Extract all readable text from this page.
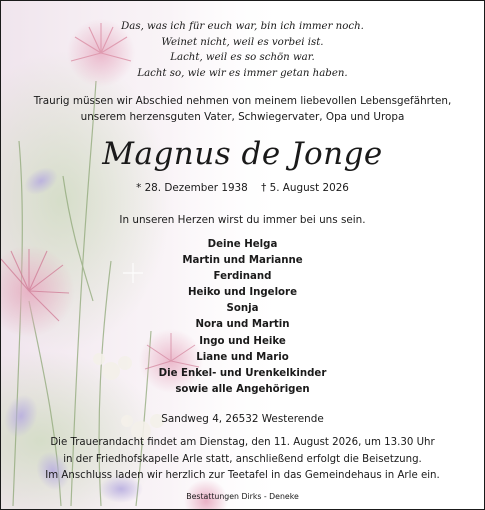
Das, was ich für euch war, bin ich immer noch.
Weinet nicht, weil es vorbei ist.
Lacht, weil es so schön war.
Lacht so, wie wir es immer getan haben.
Traurig müssen wir Abschied nehmen von meinem liebevollen Lebensgefährten,
unserem herzensguten Vater, Schwiegervater, Opa und Uropa
Magnus de Jonge
* 28. Dezember 1938 † 5. August 2026
In unseren Herzen wirst du immer bei uns sein.
Deine Helga
Martin und Marianne
Ferdinand
Heiko und Ingelore
Sonja
Nora und Martin
Ingo und Heike
Liane und Mario
Die Enkel- und Urenkelkinder
sowie alle Angehörigen
Sandweg 4, 26532 Westerende
Die Trauerandacht findet am Dienstag, den 11. August 2026, um 13.30 Uhr
in der Friedhofskapelle Arle statt, anschließend erfolgt die Beisetzung.
Im Anschluss laden wir herzlich zur Teetafel in das Gemeindehaus in Arle ein.
Bestattungen Dirks - Deneke
